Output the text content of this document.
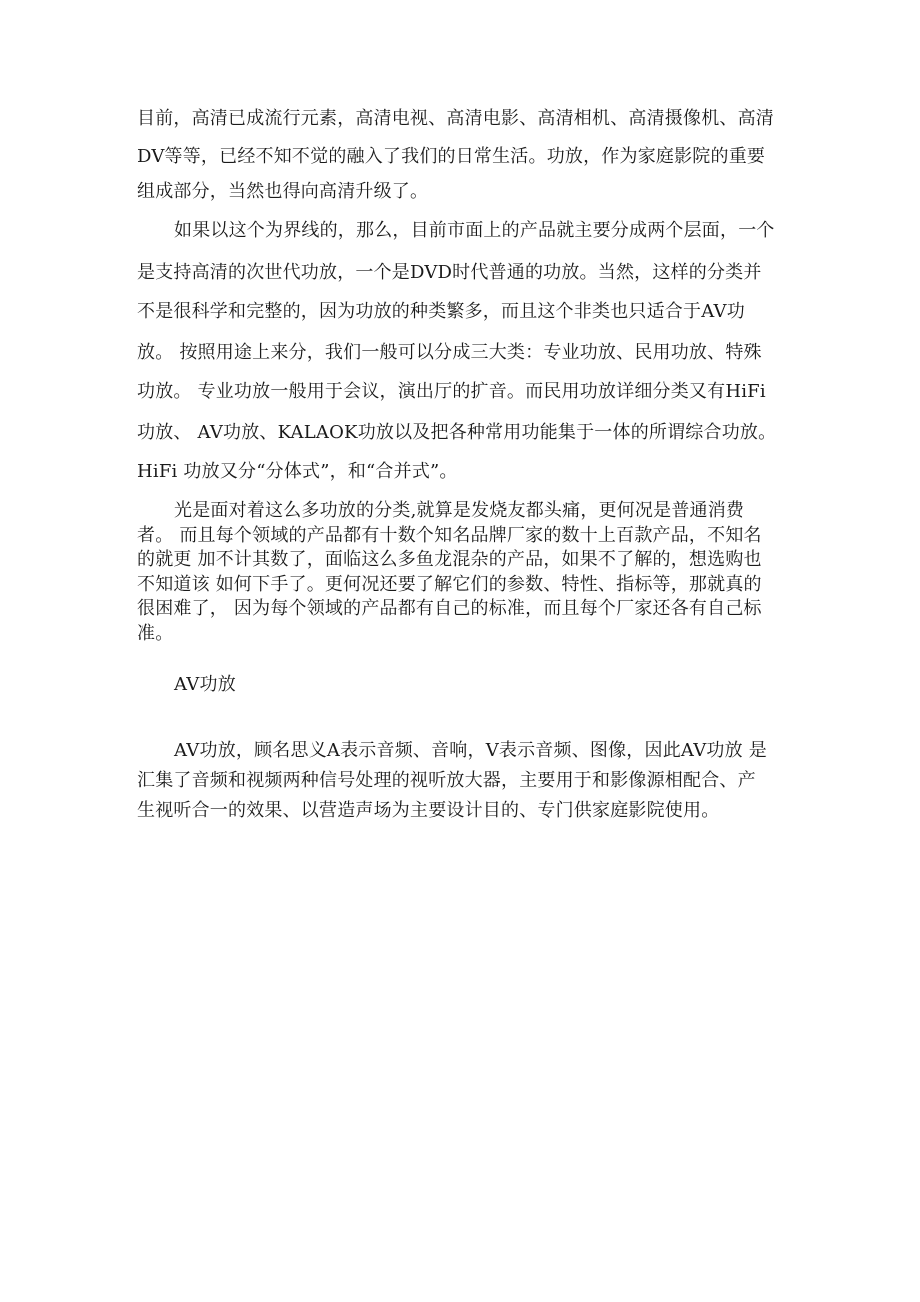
目前，高清已成流行元素，高清电视、高清电影、高清相机、高清摄像机、高清
DV等等，已经不知不觉的融入了我们的日常生活。功放，作为家庭影院的重要
组成部分，当然也得向高清升级了。
如果以这个为界线的，那么，目前市面上的产品就主要分成两个层面，一个
是支持高清的次世代功放，一个是DVD时代普通的功放。当然，这样的分类并
不是很科学和完整的，因为功放的种类繁多，而且这个非类也只适合于AV功
放。 按照用途上来分，我们一般可以分成三大类：专业功放、民用功放、特殊
功放。 专业功放一般用于会议，演出厅的扩音。而民用功放详细分类又有HiFi
功放、 AV功放、KALAOK功放以及把各种常用功能集于一体的所谓综合功放。
HiFi 功放又分“分体式”，和“合并式”。
光是面对着这么多功放的分类,就算是发烧友都头痛，更何况是普通消费
者。 而且每个领域的产品都有十数个知名品牌厂家的数十上百款产品，不知名
的就更 加不计其数了，面临这么多鱼龙混杂的产品，如果不了解的，想选购也
不知道该 如何下手了。更何况还要了解它们的参数、特性、指标等，那就真的
很困难了， 因为每个领域的产品都有自己的标准，而且每个厂家还各有自己标
准。
AV功放
AV功放，顾名思义A表示音频、音响，V表示音频、图像，因此AV功放 是
汇集了音频和视频两种信号处理的视听放大器，主要用于和影像源相配合、产
生视听合一的效果、以营造声场为主要设计目的、专门供家庭影院使用。
